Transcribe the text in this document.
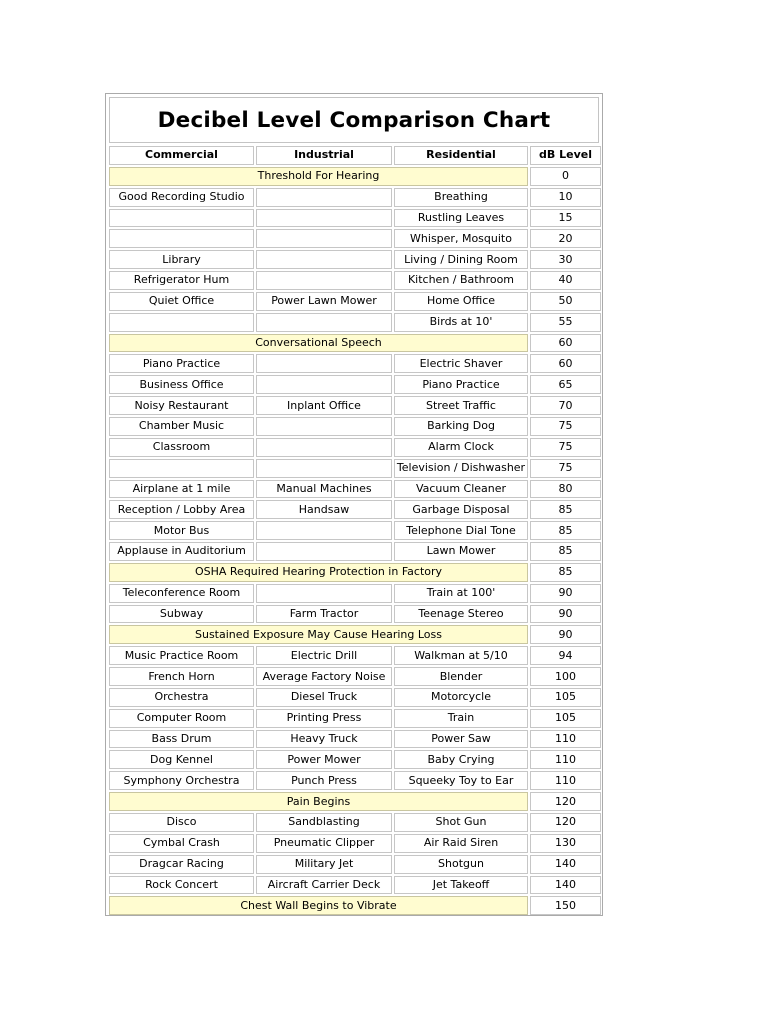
Decibel Level Comparison Chart
Commercial	Industrial	Residential	dB Level
Threshold For Hearing			0
Good Recording Studio		Breathing	10
		Rustling Leaves	15
		Whisper, Mosquito	20
Library		Living / Dining Room	30
Refrigerator Hum		Kitchen / Bathroom	40
Quiet Office	Power Lawn Mower	Home Office	50
		Birds at 10'	55
Conversational Speech			60
Piano Practice		Electric Shaver	60
Business Office		Piano Practice	65
Noisy Restaurant	Inplant Office	Street Traffic	70
Chamber Music		Barking Dog	75
Classroom		Alarm Clock	75
		Television / Dishwasher	75
Airplane at 1 mile	Manual Machines	Vacuum Cleaner	80
Reception / Lobby Area	Handsaw	Garbage Disposal	85
Motor Bus		Telephone Dial Tone	85
Applause in Auditorium		Lawn Mower	85
OSHA Required Hearing Protection in Factory			85
Teleconference Room		Train at 100'	90
Subway	Farm Tractor	Teenage Stereo	90
Sustained Exposure May Cause Hearing Loss			90
Music Practice Room	Electric Drill	Walkman at 5/10	94
French Horn	Average Factory Noise	Blender	100
Orchestra	Diesel Truck	Motorcycle	105
Computer Room	Printing Press	Train	105
Bass Drum	Heavy Truck	Power Saw	110
Dog Kennel	Power Mower	Baby Crying	110
Symphony Orchestra	Punch Press	Squeeky Toy to Ear	110
Pain Begins			120
Disco	Sandblasting	Shot Gun	120
Cymbal Crash	Pneumatic Clipper	Air Raid Siren	130
Dragcar Racing	Military Jet	Shotgun	140
Rock Concert	Aircraft Carrier Deck	Jet Takeoff	140
Chest Wall Begins to Vibrate			150
